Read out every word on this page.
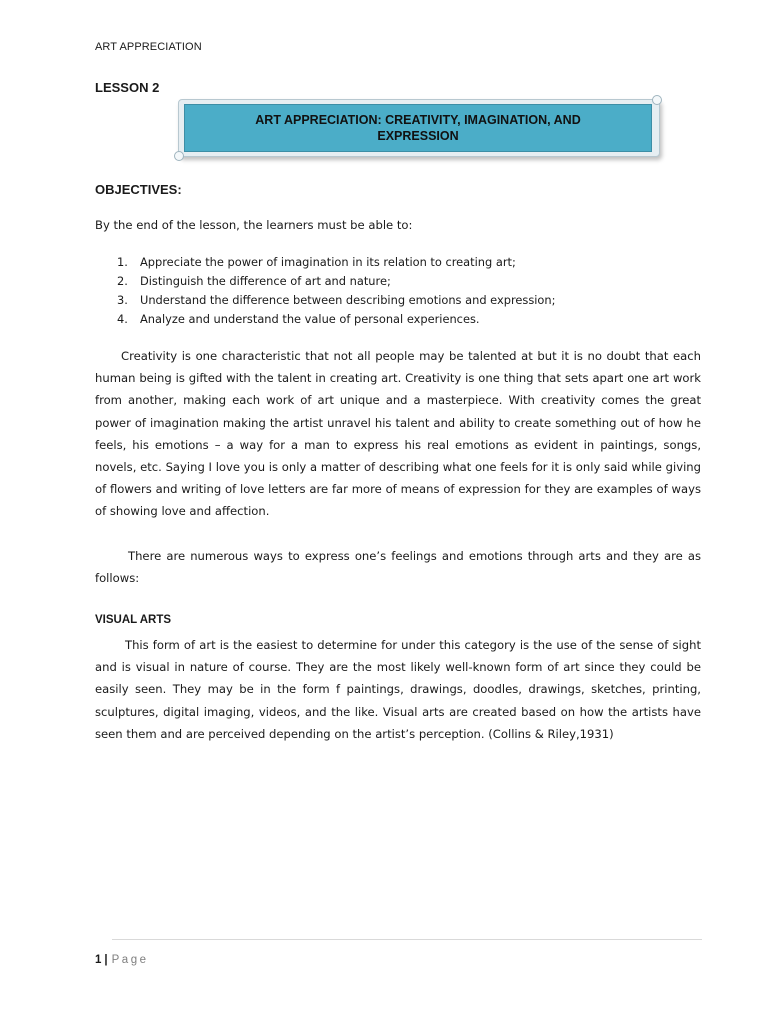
ART APPRECIATION
LESSON 2
ART APPRECIATION: CREATIVITY, IMAGINATION, AND
EXPRESSION
OBJECTIVES:
By the end of the lesson, the learners must be able to:
1.	Appreciate the power of imagination in its relation to creating art;
2.	Distinguish the difference of art and nature;
3.	Understand the difference between describing emotions and expression;
4.	Analyze and understand the value of personal experiences.

Creativity is one characteristic that not all people may be talented at but it is no doubt that each human being is gifted with the talent in creating art. Creativity is one thing that sets apart one art work from another, making each work of art unique and a masterpiece. With creativity comes the great power of imagination making the artist unravel his talent and ability to create something out of how he feels, his emotions – a way for a man to express his real emotions as evident in paintings, songs, novels, etc. Saying I love you is only a matter of describing what one feels for it is only said while giving of flowers and writing of love letters are far more of means of expression for they are examples of ways of showing love and affection.

There are numerous ways to express one’s feelings and emotions through arts and they are as follows:

VISUAL ARTS

This form of art is the easiest to determine for under this category is the use of the sense of sight and is visual in nature of course. They are the most likely well-known form of art since they could be easily seen. They may be in the form f paintings, drawings, doodles, drawings, sketches, printing, sculptures, digital imaging, videos, and the like. Visual arts are created based on how the artists have seen them and are perceived depending on the artist’s perception. (Collins & Riley,1931)

1 | Page
